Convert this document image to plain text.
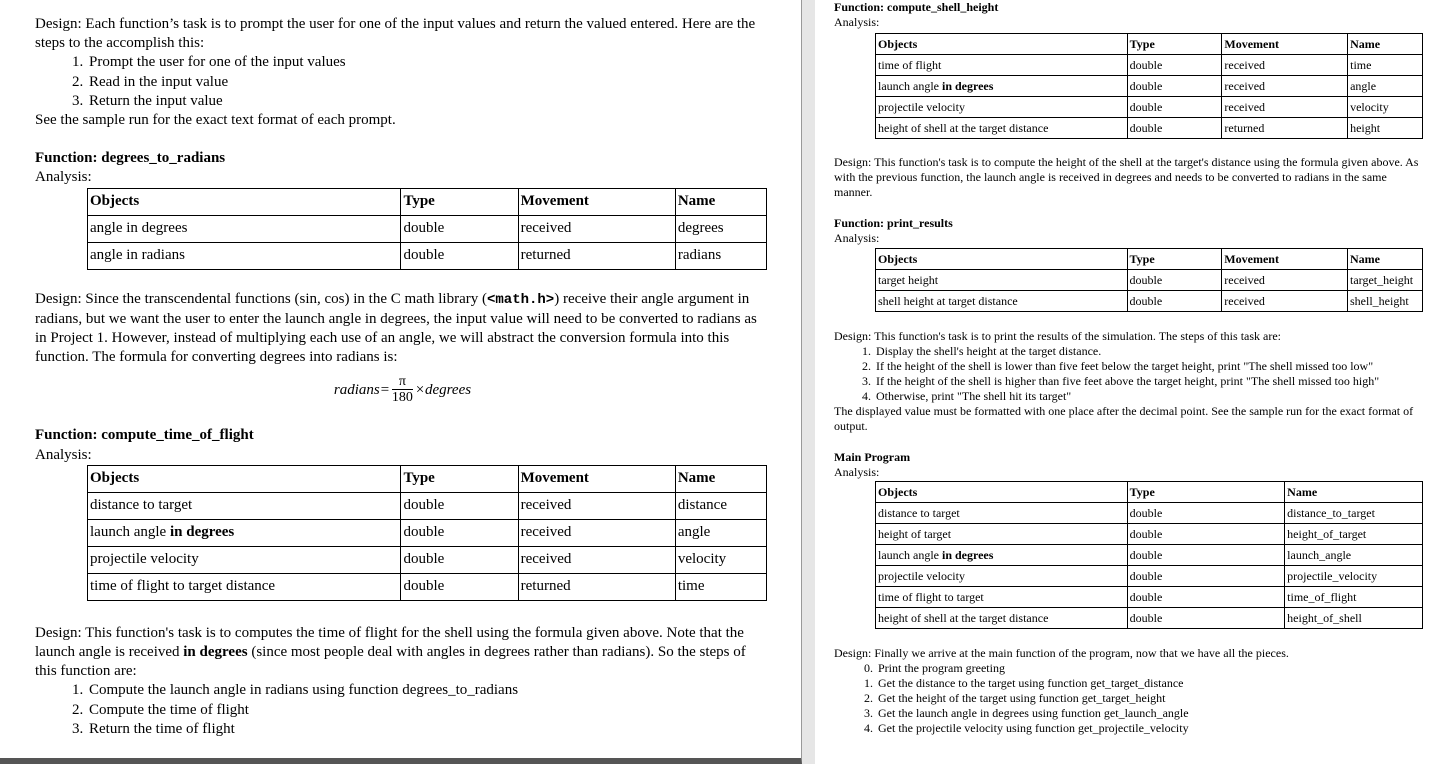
Design: Each function’s task is to prompt the user for one of the input values and return the valued entered. Here are the steps to the accomplish this:

1. Prompt the user for one of the input values
2. Read in the input value
3. Return the input value

See the sample run for the exact text format of each prompt.

Function: degrees_to_radians

Analysis:

Objects	Type	Movement	Name
angle in degrees	double	received	degrees
angle in radians	double	returned	radians

Design: Since the transcendental functions (sin, cos) in the C math library (<math.h>) receive their angle argument in radians, but we want the user to enter the launch angle in degrees, the input value will need to be converted to radians as in Project 1. However, instead of multiplying each use of an angle, we will abstract the conversion formula into this function. The formula for converting degrees into radians is:

radians= $\frac{\pi}{180}$ ×degrees

Function: compute_time_of_flight

Analysis:

Objects	Type	Movement	Name
distance to target	double	received	distance
launch angle in degrees	double	received	angle
projectile velocity	double	received	velocity
time of flight to target distance	double	returned	time

Design: This function's task is to computes the time of flight for the shell using the formula given above. Note that the launch angle is received in degrees (since most people deal with angles in degrees rather than radians). So the steps of this function are:

1. Compute the launch angle in radians using function degrees_to_radians
2. Compute the time of flight
3. Return the time of flight

Function: compute_shell_height

Analysis:

Objects	Type	Movement	Name
time of flight	double	received	time
launch angle in degrees	double	received	angle
projectile velocity	double	received	velocity
height of shell at the target distance	double	returned	height

Design: This function's task is to compute the height of the shell at the target's distance using the formula given above. As with the previous function, the launch angle is received in degrees and needs to be converted to radians in the same manner.

Function: print_results

Analysis:

Objects	Type	Movement	Name
target height	double	received	target_height
shell height at target distance	double	received	shell_height

Design: This function's task is to print the results of the simulation. The steps of this task are:

1. Display the shell's height at the target distance.
2. If the height of the shell is lower than five feet below the target height, print "The shell missed too low"
3. If the height of the shell is higher than five feet above the target height, print "The shell missed too high"
4. Otherwise, print "The shell hit its target"

The displayed value must be formatted with one place after the decimal point. See the sample run for the exact format of output.

Main Program

Analysis:

Objects	Type	Name
distance to target	double	distance_to_target
height of target	double	height_of_target
launch angle in degrees	double	launch_angle
projectile velocity	double	projectile_velocity
time of flight to target	double	time_of_flight
height of shell at the target distance	double	height_of_shell

Design: Finally we arrive at the main function of the program, now that we have all the pieces.

0. Print the program greeting
1. Get the distance to the target using function get_target_distance
2. Get the height of the target using function get_target_height
3. Get the launch angle in degrees using function get_launch_angle
4. Get the projectile velocity using function get_projectile_velocity
